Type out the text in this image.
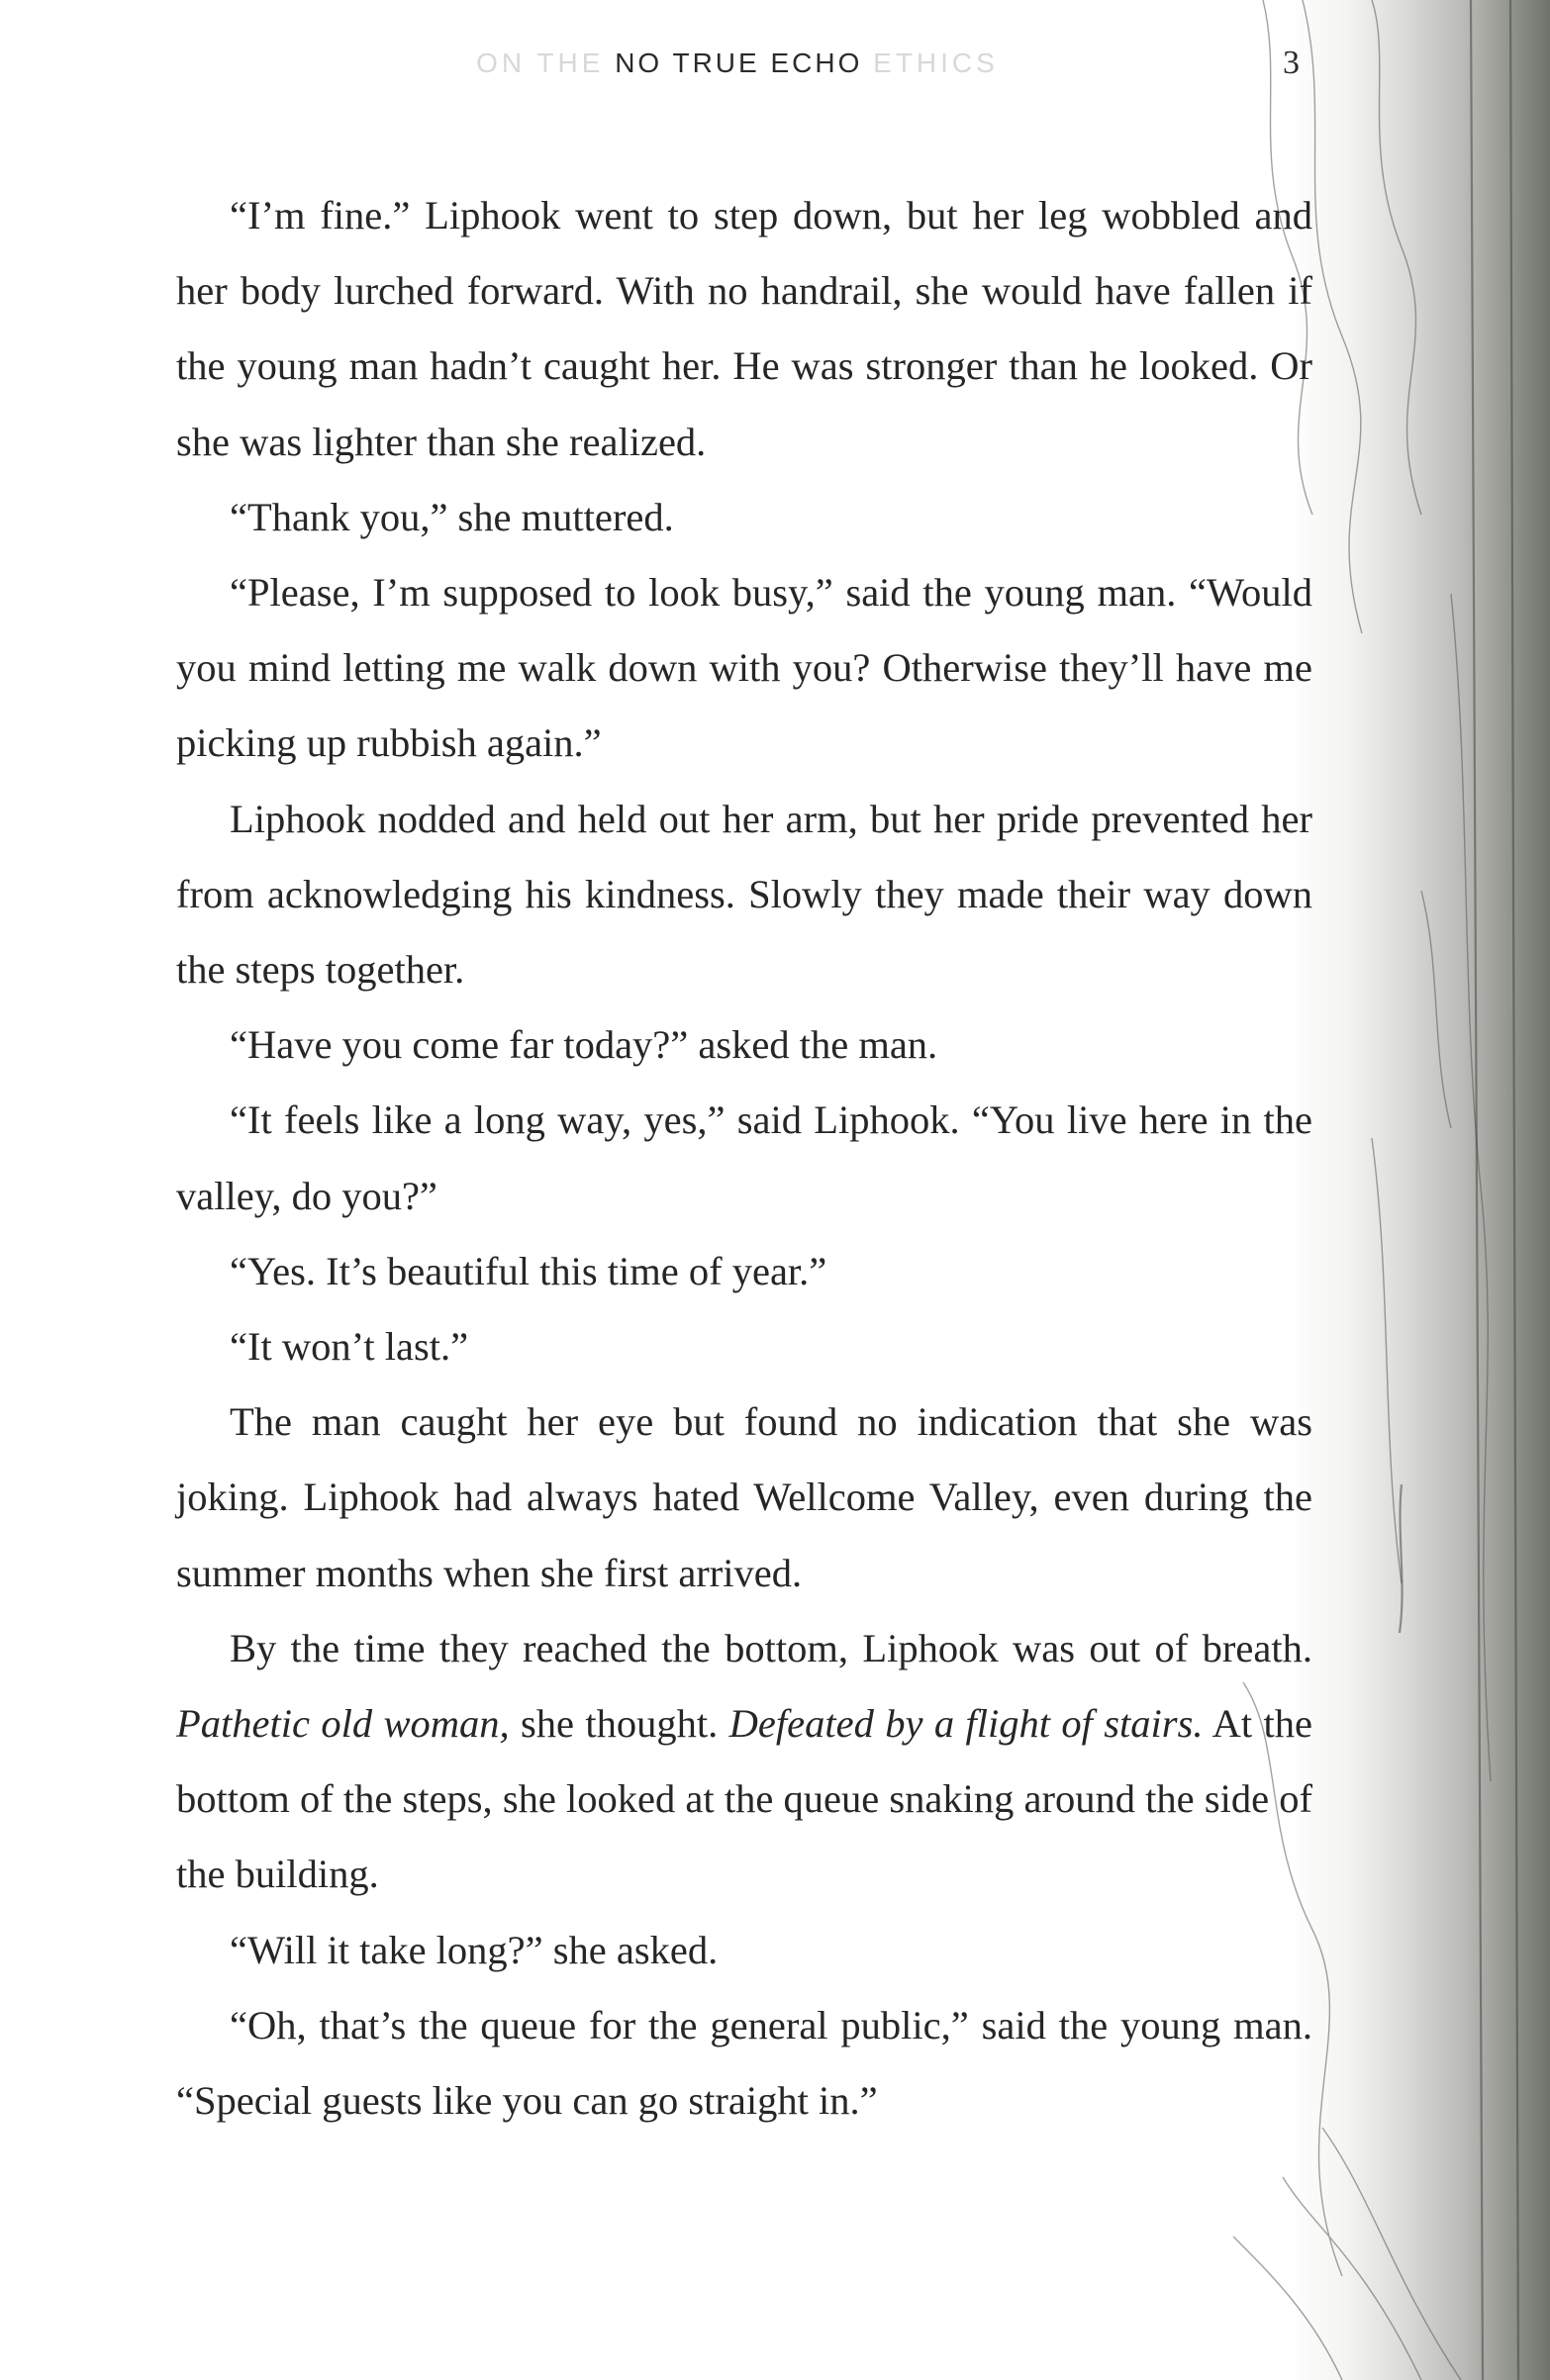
ON THE NO TRUE ECHO ETHICS	3

“I’m fine.” Liphook went to step down, but her leg wobbled and her body lurched forward. With no handrail, she would have fallen if the young man hadn’t caught her. He was stronger than he looked. Or she was lighter than she realized.

“Thank you,” she muttered.

“Please, I’m supposed to look busy,” said the young man. “Would you mind letting me walk down with you? Otherwise they’ll have me picking up rubbish again.”

Liphook nodded and held out her arm, but her pride prevented her from acknowledging his kindness. Slowly they made their way down the steps together.

“Have you come far today?” asked the man.

“It feels like a long way, yes,” said Liphook. “You live here in the valley, do you?”

“Yes. It’s beautiful this time of year.”

“It won’t last.”

The man caught her eye but found no indication that she was joking. Liphook had always hated Wellcome Valley, even during the summer months when she first arrived.

By the time they reached the bottom, Liphook was out of breath. Pathetic old woman, she thought. Defeated by a flight of stairs. At the bottom of the steps, she looked at the queue snaking around the side of the building.

“Will it take long?” she asked.

“Oh, that’s the queue for the general public,” said the young man. “Special guests like you can go straight in.”
